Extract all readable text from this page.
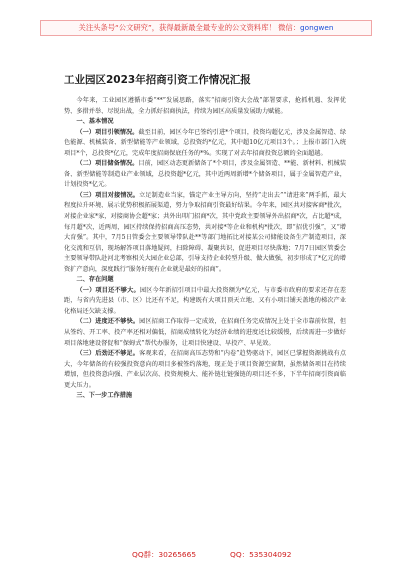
关注头条号“公文研究”，获得最新最全最专业的公文资料库！ 微信：gongwen
工业园区2023年招商引资工作情况汇报

今年来，工业园区遵循市委“**”发展思路，落实“招商引资大会战”部署要求，抢抓机遇、发挥优势、多措并举、尽锐出战，全力抓好招商执法，持续为园区高质量发展助力赋能。

一、基本情况

（一）项目引领情况。截至目前，园区今年已签约引进*个项目，投资均超亿元，涉及金属智造、绿色能源、机械装备、新型储能等产业领域，总投资约*亿元，其中超10亿元项目3个。；上报市部门入统项目*个，总投资*亿元，完成年度招商保底任务的*%。实现了对去年招商投资总额的全面超越。

（二）项目储备情况。目前，园区动态更新储备了*个项目，涉及金属智造、**能、新材料、机械装备、新型储能等制造业产业领域，总投资超*亿元，其中近两周新增*个储备项目，属于金属智造产业，计划投资*亿元。

（三）项目对接情况。立足制造业当家，锚定产业主导方向，坚持“走出去”“请进来”两手抓，最大程度拉升环境、展示优势积极拓展渠道，努力争取招商引资最好结果。今年来，园区共对接客商*批次，对接企业家*家，对接商协会超*家；共外出叩门招商*次，其中党政主要领导外出招商*次，占比超*成，每月超*次，近两周，园区持续保持招商高压态势，共对接*等企业和机构*批次，即“招优引强”，又“增大育强”。其中，7月5日管委会主要领导带队赴**等部门地拓比对接某公司储能设备生产制造项目，深化交流和互信，现场解答项目落地疑问，扫除障碍、凝聚共识，促进项目尽快落地；7月7日园区管委会主要领导带队赴河北考察相关大园企业总部，引导支持企业转型升级、做大做强，初步形成了*亿元的增资扩产意向，深度践行“服务好现有企业就是最好的招商”。

二、存在问题

（一）项目还不够大。园区今年新招引项目中最大投资额为*亿元，与市委市政府的要求还存在差距，与省内先进县（市、区）比还有不足，构建既有大项目顶天立地、又有小项目铺天盖地的梯次产业化格局还欠缺支撑。

（二）进度还不够快。园区招商工作取得一定成效，在招商任务完成情况上处于全市靠前位置，但从签约、开工率、投产率还相对偏低，招商成绩转化为经济业绩的进度还比较缓慢，后续需进一步做好项目落地建设督促和“保姆式”帮代办服务，让项目快建设、早投产、早见效。

（三）后劲还不够足。客观来看，在招商高压态势和“内卷”趋势驱动下，园区已掌握资源挑战有点大，今年储备的有较强投资意向的项目多被签约落地，现正处于项目资源空窗期，虽然储备项目在持续增加，但投资意向强、产业层次高、投资规模大、能补链壮链强链的项目还不多，下半年招商引资面临更大压力。

三、下一步工作措施

QQ群：30265665	QQ：535304092
